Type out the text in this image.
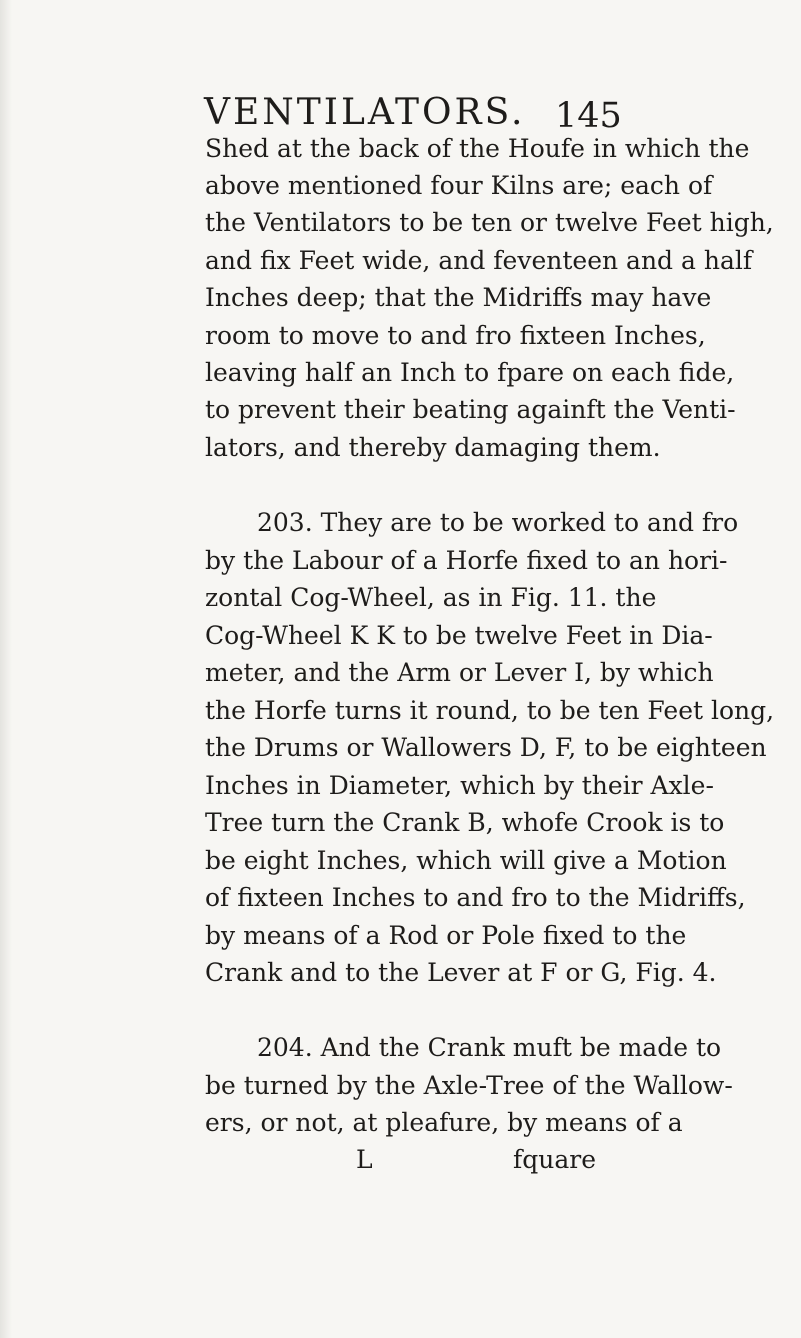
VENTILATORS. 145
Shed at the back of the Houfe in which the
above mentioned four Kilns are; each of
the Ventilators to be ten or twelve Feet high,
and fix Feet wide, and feventeen and a half
Inches deep; that the Midriffs may have
room to move to and fro fixteen Inches,
leaving half an Inch to fpare on each fide,
to prevent their beating againft the Venti-
lators, and thereby damaging them.
203. They are to be worked to and fro
by the Labour of a Horfe fixed to an hori-
zontal Cog-Wheel, as in Fig. 11. the
Cog-Wheel K K to be twelve Feet in Dia-
meter, and the Arm or Lever I, by which
the Horfe turns it round, to be ten Feet long,
the Drums or Wallowers D, F, to be eighteen
Inches in Diameter, which by their Axle-
Tree turn the Crank B, whofe Crook is to
be eight Inches, which will give a Motion
of fixteen Inches to and fro to the Midriffs,
by means of a Rod or Pole fixed to the
Crank and to the Lever at F or G, Fig. 4.
204. And the Crank muft be made to
be turned by the Axle-Tree of the Wallow-
ers, or not, at pleafure, by means of a
L fquare
